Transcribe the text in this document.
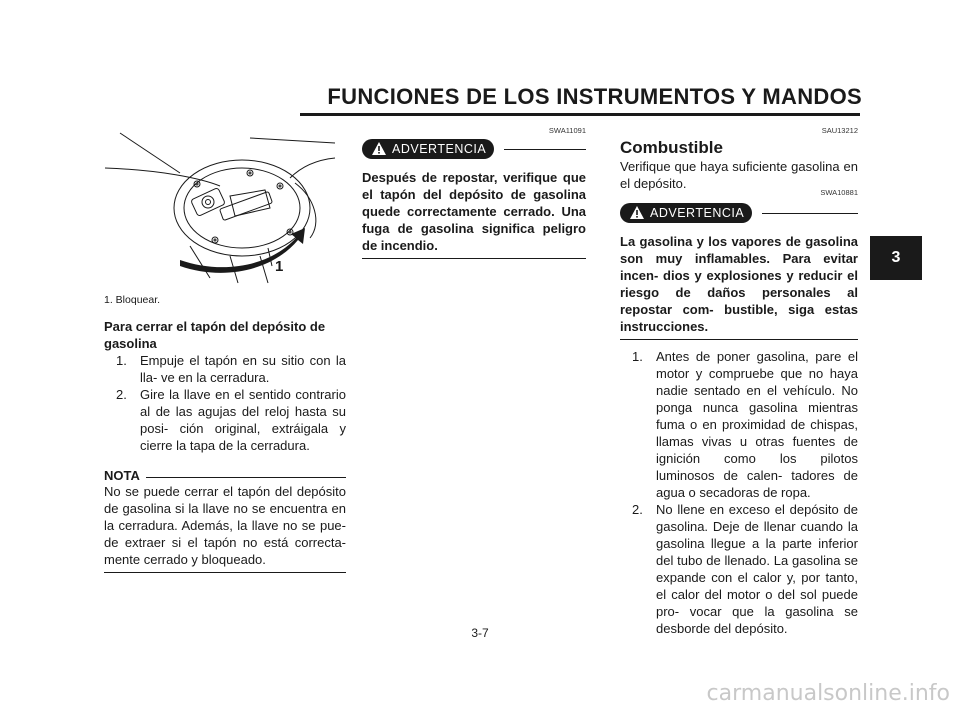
FUNCIONES DE LOS INSTRUMENTOS Y MANDOS
3
1
1. Bloquear.
Para cerrar el tapón del depósito de
gasolina
1. Empuje el tapón en su sitio con la lla- ve en la cerradura.
2. Gire la llave en el sentido contrario al de las agujas del reloj hasta su posi- ción original, extráigala y cierre la tapa de la cerradura.
NOTA
No se puede cerrar el tapón del depósito de gasolina si la llave no se encuentra en la cerradura. Además, la llave no se pue- de extraer si el tapón no está correcta- mente cerrado y bloqueado.
SWA11091
ADVERTENCIA
Después de repostar, verifique que el tapón del depósito de gasolina quede correctamente cerrado. Una fuga de gasolina significa peligro de incendio.
SAU13212
Combustible
Verifique que haya suficiente gasolina en el depósito.
SWA10881
ADVERTENCIA
La gasolina y los vapores de gasolina son muy inflamables. Para evitar incen- dios y explosiones y reducir el riesgo de daños personales al repostar com- bustible, siga estas instrucciones.
1. Antes de poner gasolina, pare el motor y compruebe que no haya nadie sentado en el vehículo. No ponga nunca gasolina mientras fuma o en proximidad de chispas, llamas vivas u otras fuentes de ignición como los pilotos luminosos de calen- tadores de agua o secadoras de ropa.
2. No llene en exceso el depósito de gasolina. Deje de llenar cuando la gasolina llegue a la parte inferior del tubo de llenado. La gasolina se expande con el calor y, por tanto, el calor del motor o del sol puede pro- vocar que la gasolina se desborde del depósito.
3-7
carmanualsonline.info
